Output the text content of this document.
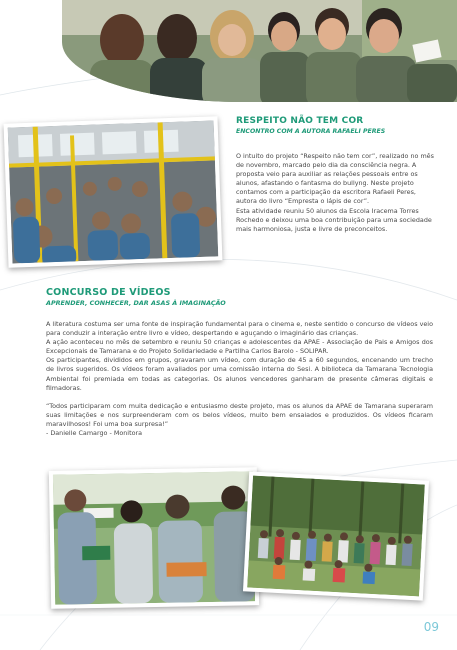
RESPEITO NÃO TEM COR
ENCONTRO COM A AUTORA RAFAELI PERES

O intuito do projeto “Respeito não tem cor”, realizado no mês de novembro, marcado pelo dia da consciência negra. A proposta veio para auxiliar as relações pessoais entre os alunos, afastando o fantasma do bullyng. Neste projeto contamos com a participação da escritora Rafaeli Peres, autora do livro “Empresta o lápis de cor”.

Esta atividade reuniu 50 alunos da Escola Iracema Torres Rochedo e deixou uma boa contribuição para uma sociedade mais harmoniosa, justa e livre de preconceitos.

CONCURSO DE VÍDEOS
APRENDER, CONHECER, DAR ASAS À IMAGINAÇÃO

A literatura costuma ser uma fonte de inspiração fundamental para o cinema e, neste sentido o concurso de vídeos veio para conduzir a interação entre livro e vídeo, despertando e aguçando o imaginário das crianças.

A ação aconteceu no mês de setembro e reuniu 50 crianças e adolescentes da APAE - Associação de Pais e Amigos dos Excepcionais de Tamarana e do Projeto Solidariedade e Partilha Carlos Barolo - SOLIPAR.

Os participantes, divididos em grupos, gravaram um vídeo, com duração de 45 a 60 segundos, encenando um trecho de livros sugeridos. Os vídeos foram avaliados por uma comissão interna do Sesi. A biblioteca da Tamarana Tecnologia Ambiental foi premiada em todas as categorias. Os alunos vencedores ganharam de presente câmeras digitais e filmadoras.

“Todos participaram com muita dedicação e entusiasmo deste projeto, mas os alunos da APAE de Tamarana superaram suas limitações e nos surpreenderam com os belos vídeos, muito bem ensaiados e produzidos. Os vídeos ficaram maravilhosos! Foi uma boa surpresa!”

- Danielle Camargo - Monitora

09
